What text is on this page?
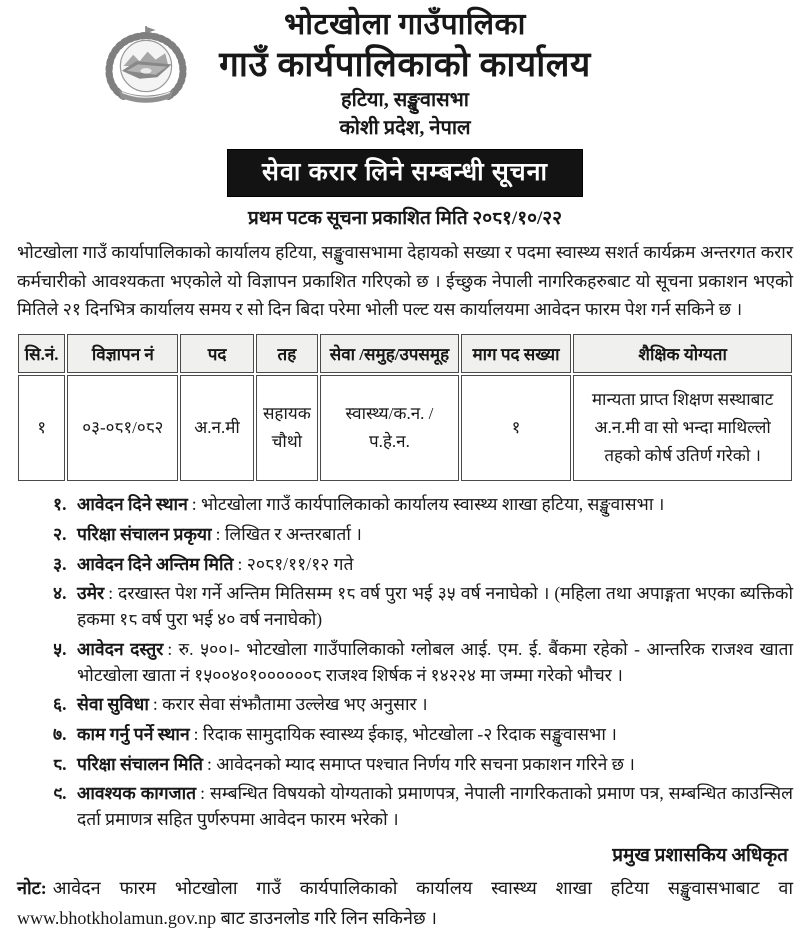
भोटखोला गाउँपालिका
गाउँ कार्यपालिकाको कार्यालय
हटिया, सङ्खुवासभा
कोशी प्रदेश, नेपाल
सेवा करार लिने सम्बन्धी सूचना
प्रथम पटक सूचना प्रकाशित मिति २०८१/१०/२२

भोटखोला गाउँ कार्यापालिकाको कार्यालय हटिया, सङ्खुवासभामा देहायको सख्या र पदमा स्वास्थ्य सशर्त कार्यक्रम अन्तरगत करार कर्मचारीको आवश्यकता भएकोले यो विज्ञापन प्रकाशित गरिएको छ । ईच्छुक नेपाली नागरिकहरुबाट यो सूचना प्रकाशन भएको मितिले २१ दिनभित्र कार्यालय समय र सो दिन बिदा परेमा भोली पल्ट यस कार्यालयमा आवेदन फारम पेश गर्न सकिने छ ।

सि.नं.	विज्ञापन नं	पद	तह	सेवा /समुह/उपसमूह	माग पद सख्या	शैक्षिक योग्यता
१	०३-०८१/०८२	अ.न.मी	सहायक चौथो	स्वास्थ्य/क.न. /प.हे.न.	१	मान्यता प्राप्त शिक्षण सस्थाबाट अ.न.मी वा सो भन्दा माथिल्लो तहको कोर्ष उतिर्ण गरेको ।
१. आवेदन दिने स्थान : भोटखोला गाउँ कार्यपालिकाको कार्यालय स्वास्थ्य शाखा हटिया, सङ्खुवासभा ।
२. परिक्षा संचालन प्रकृया : लिखित र अन्तरबार्ता ।
३. आवेदन दिने अन्तिम मिति : २०८१/११/१२ गते
४. उमेर : दरखास्त पेश गर्ने अन्तिम मितिसम्म १८ वर्ष पुरा भई ३५ वर्ष ननाघेको । (महिला तथा अपाङ्गता भएका ब्यक्तिको हकमा १८ वर्ष पुरा भई ४० वर्ष ननाघेको)
५. आवेदन दस्तुर : रु. ५००।- भोटखोला गाउँपालिकाको ग्लोबल आई. एम. ई. बैंकमा रहेको - आन्तरिक राजश्व खाता भोटखोला खाता नं १५००४०१००००००८ राजश्व शिर्षक नं १४२२४ मा जम्मा गरेको भौचर ।
६. सेवा सुविधा : करार सेवा संझौतामा उल्लेख भए अनुसार ।
७. काम गर्नु पर्ने स्थान : रिदाक सामुदायिक स्वास्थ्य ईकाइ, भोटखोला -२ रिदाक सङ्खुवासभा ।
८. परिक्षा संचालन मिति : आवेदनको म्याद समाप्त पश्चात निर्णय गरि सचना प्रकाशन गरिने छ ।
९. आवश्यक कागजात : सम्बन्धित विषयको योग्यताको प्रमाणपत्र, नेपाली नागरिकताको प्रमाण पत्र, सम्बन्धित काउन्सिल दर्ता प्रमाणत्र सहित पुर्णरुपमा आवेदन फारम भरेको ।
प्रमुख प्रशासकिय अधिकृत

नोट: आवेदन फारम भोटखोला गाउँ कार्यपालिकाको कार्यालय स्वास्थ्य शाखा हटिया सङ्खुवासभाबाट वा www.bhotkholamun.gov.np बाट डाउनलोड गरि लिन सकिनेछ ।
